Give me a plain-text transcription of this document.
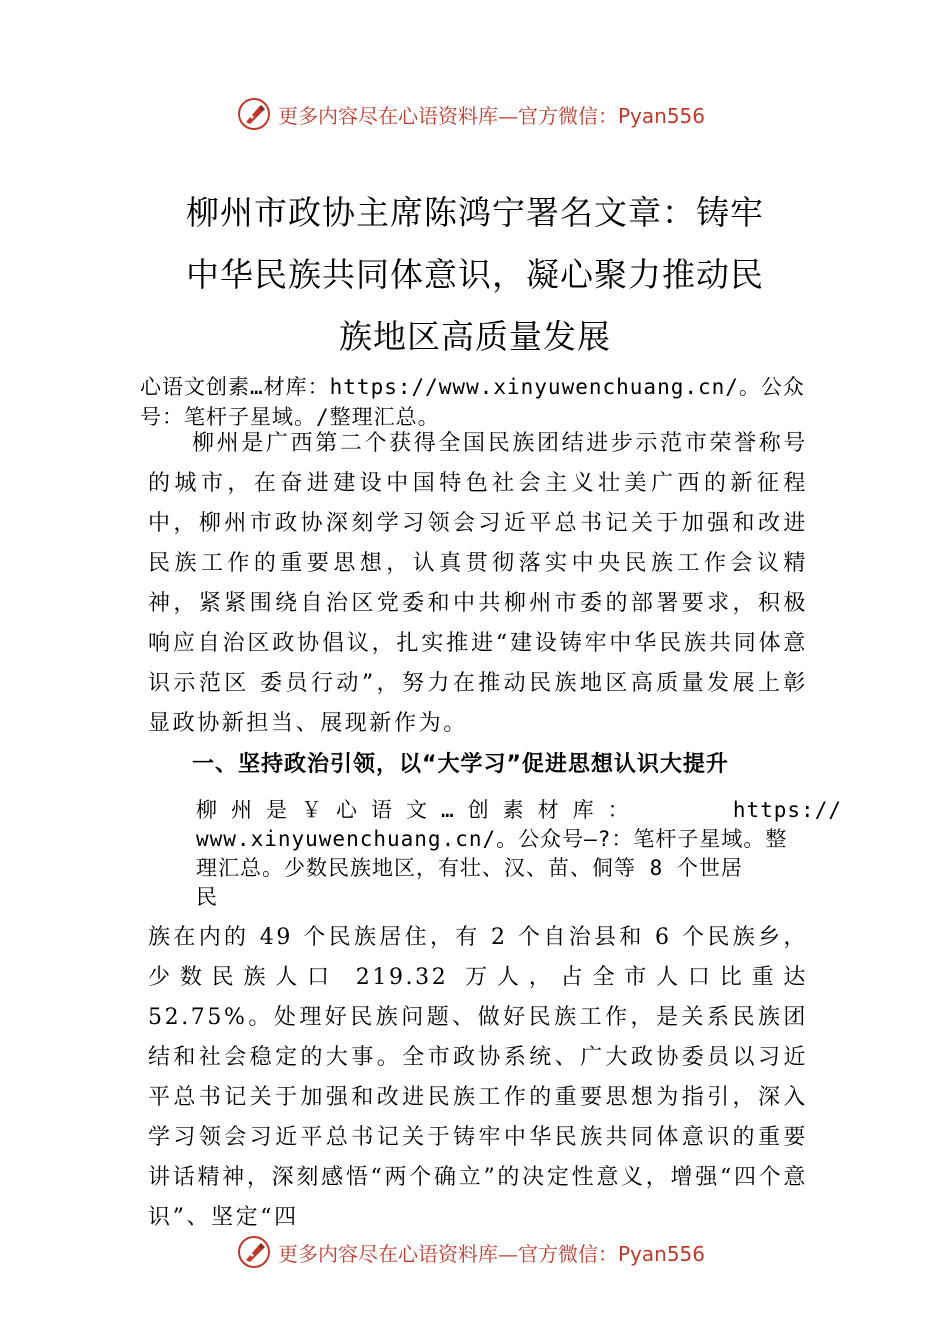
更多内容尽在心语资料库—官方微信：Pyan556
柳州市政协主席陈鸿宁署名文章：铸牢
中华民族共同体意识，凝心聚力推动民
族地区高质量发展
心语文创素…材库：https://www.xinyuwenchuang.cn/。公众
号：笔杆子星域。/整理汇总。
柳州是广西第二个获得全国民族团结进步示范市荣誉称号的城市，在奋进建设中国特色社会主义壮美广西的新征程中，柳州市政协深刻学习领会习近平总书记关于加强和改进民族工作的重要思想，认真贯彻落实中央民族工作会议精神，紧紧围绕自治区党委和中共柳州市委的部署要求，积极响应自治区政协倡议，扎实推进“建设铸牢中华民族共同体意识示范区 委员行动”，努力在推动民族地区高质量发展上彰显政协新担当、展现新作为。
一、坚持政治引领，以“大学习”促进思想认识大提升
柳州是￥心语文…创素材库：	https://
www.xinyuwenchuang.cn/。公众号—?：笔杆子星域。整
理汇总。少数民族地区，有壮、汉、苗、侗等 8 个世居
民
族在内的 49 个民族居住，有 2 个自治县和 6 个民族乡，少数民族人口 219.32 万人，占全市人口比重达 52.75%。处理好民族问题、做好民族工作，是关系民族团结和社会稳定的大事。全市政协系统、广大政协委员以习近平总书记关于加强和改进民族工作的重要思想为指引，深入学习领会习近平总书记关于铸牢中华民族共同体意识的重要讲话精神，深刻感悟“两个确立”的决定性意义，增强“四个意识”、坚定“四
更多内容尽在心语资料库—官方微信：Pyan556
